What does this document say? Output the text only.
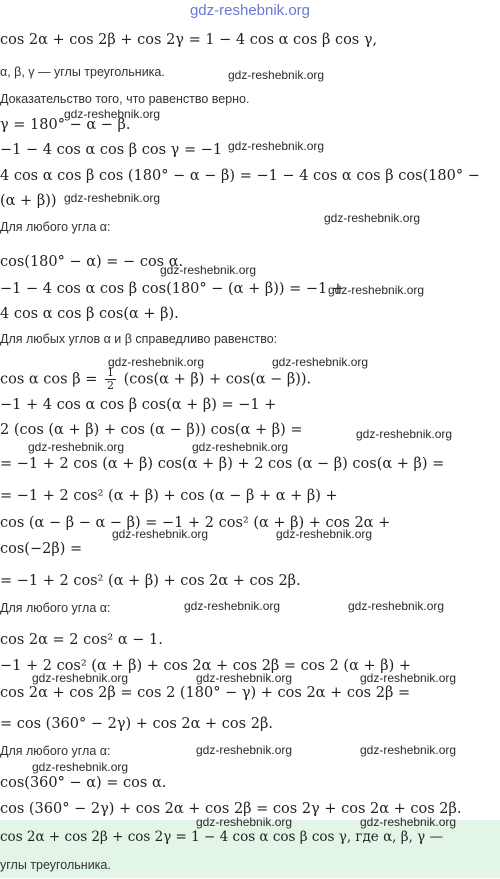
gdz-reshebnik.org
cos 2α + cos 2β + cos 2γ = 1 − 4 cos α cos β cos γ,
α, β, γ — углы треугольника.
Доказательство того, что равенство верно.
γ = 180° − α − β.
−1 − 4 cos α cos β cos γ = −1
4 cos α cos β cos (180° − α − β) = −1 − 4 cos α cos β cos(180° −
(α + β))
Для любого угла α:
cos(180° − α) = − cos α.
−1 − 4 cos α cos β cos(180° − (α + β)) = −1 +
4 cos α cos β cos(α + β).
Для любых углов α и β справедливо равенство:
cos α $\cos \beta = \frac{1}{2} (\cos(\alpha + \beta) + \cos(\alpha - \beta))$.
−1 + 4 cos α cos β cos(α + β) = −1 +
2 (cos (α + β) + cos (α − β)) cos(α + β) =
= −1 + 2 cos (α + β) cos(α + β) + 2 cos (α − β) cos(α + β) =
= −1 + 2 cos² (α + β) + cos (α − β + α + β) +
cos (α − β − α − β) = −1 + 2 cos² (α + β) + cos 2α +
cos(−2β) =
= −1 + 2 cos² (α + β) + cos 2α + cos 2β.
Для любого угла α:
cos 2α = 2 cos² α − 1.
−1 + 2 cos² (α + β) + cos 2α + cos 2β = cos 2 (α + β) +
cos 2α + cos 2β = cos 2 (180° − γ) + cos 2α + cos 2β =
= cos (360° − 2γ) + cos 2α + cos 2β.
Для любого угла α:
cos(360° − α) = cos α.
cos (360° − 2γ) + cos 2α + cos 2β = cos 2γ + cos 2α + cos 2β.
cos 2α + cos 2β + cos 2γ = 1 − 4 cos α cos β cos γ, где α, β, γ —
углы треугольника.
gdz-reshebnik.org
gdz-reshebnik.org
gdz-reshebnik.org
gdz-reshebnik.org
gdz-reshebnik.org
gdz-reshebnik.org
gdz-reshebnik.org
gdz-reshebnik.org	gdz-reshebnik.org
gdz-reshebnik.org
gdz-reshebnik.org	gdz-reshebnik.org
gdz-reshebnik.org	gdz-reshebnik.org
gdz-reshebnik.org	gdz-reshebnik.org
gdz-reshebnik.org	gdz-reshebnik.org	gdz-reshebnik.org
gdz-reshebnik.org	gdz-reshebnik.org
gdz-reshebnik.org
gdz-reshebnik.org	gdz-reshebnik.org
